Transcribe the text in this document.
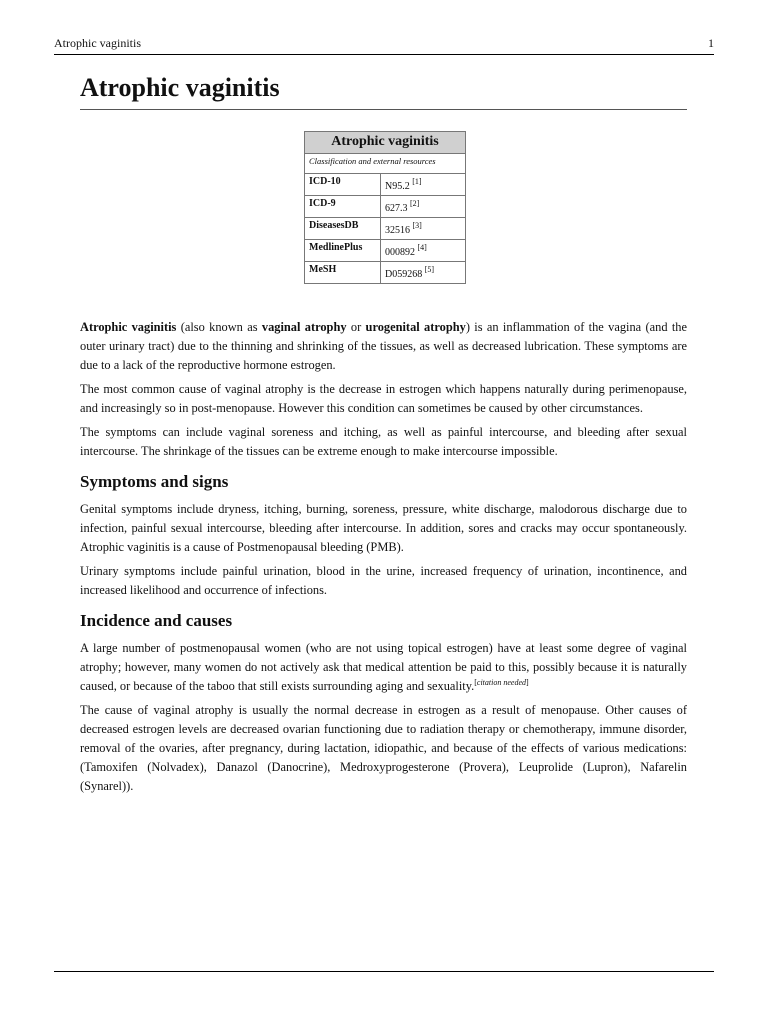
Atrophic vaginitis	1
Atrophic vaginitis
Atrophic vaginitis	
Classification and external resources	
ICD-10	N95.2 [1]
ICD-9	627.3 [2]
DiseasesDB	32516 [3]
MedlinePlus	000892 [4]
MeSH	D059268 [5]

Atrophic vaginitis (also known as vaginal atrophy or urogenital atrophy) is an inflammation of the vagina (and the outer urinary tract) due to the thinning and shrinking of the tissues, as well as decreased lubrication. These symptoms are due to a lack of the reproductive hormone estrogen.

The most common cause of vaginal atrophy is the decrease in estrogen which happens naturally during perimenopause, and increasingly so in post-menopause. However this condition can sometimes be caused by other circumstances.

The symptoms can include vaginal soreness and itching, as well as painful intercourse, and bleeding after sexual intercourse. The shrinkage of the tissues can be extreme enough to make intercourse impossible.

Symptoms and signs

Genital symptoms include dryness, itching, burning, soreness, pressure, white discharge, malodorous discharge due to infection, painful sexual intercourse, bleeding after intercourse. In addition, sores and cracks may occur spontaneously. Atrophic vaginitis is a cause of Postmenopausal bleeding (PMB).

Urinary symptoms include painful urination, blood in the urine, increased frequency of urination, incontinence, and increased likelihood and occurrence of infections.

Incidence and causes

A large number of postmenopausal women (who are not using topical estrogen) have at least some degree of vaginal atrophy; however, many women do not actively ask that medical attention be paid to this, possibly because it is naturally caused, or because of the taboo that still exists surrounding aging and sexuality.[citation needed]

The cause of vaginal atrophy is usually the normal decrease in estrogen as a result of menopause. Other causes of decreased estrogen levels are decreased ovarian functioning due to radiation therapy or chemotherapy, immune disorder, removal of the ovaries, after pregnancy, during lactation, idiopathic, and because of the effects of various medications: (Tamoxifen (Nolvadex), Danazol (Danocrine), Medroxyprogesterone (Provera), Leuprolide (Lupron), Nafarelin (Synarel)).
